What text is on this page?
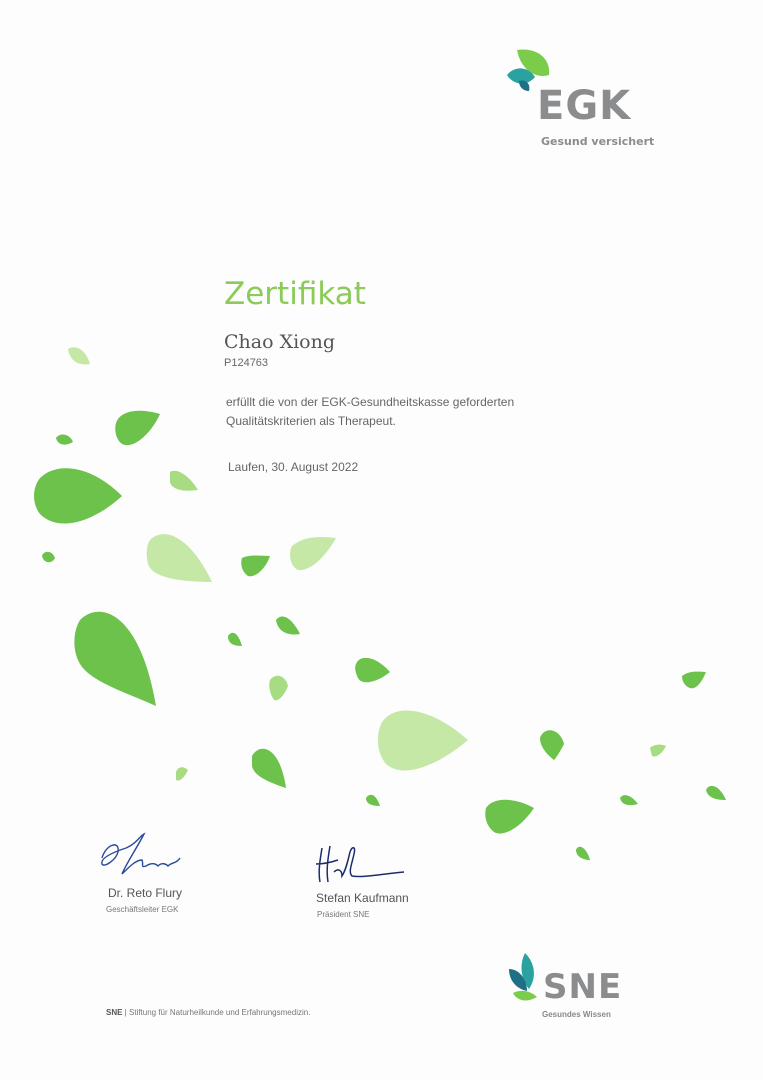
EGK
Gesund versichert
Zertifikat
Chao Xiong
P124763
erfüllt die von der EGK-Gesundheitskasse geforderten
Qualitätskriterien als Therapeut.
Laufen, 30. August 2022
Dr. Reto Flury
Geschäftsleiter EGK
Stefan Kaufmann
Präsident SNE
SNE
Gesundes Wissen
SNE | Stiftung für Naturheilkunde und Erfahrungsmedizin.
